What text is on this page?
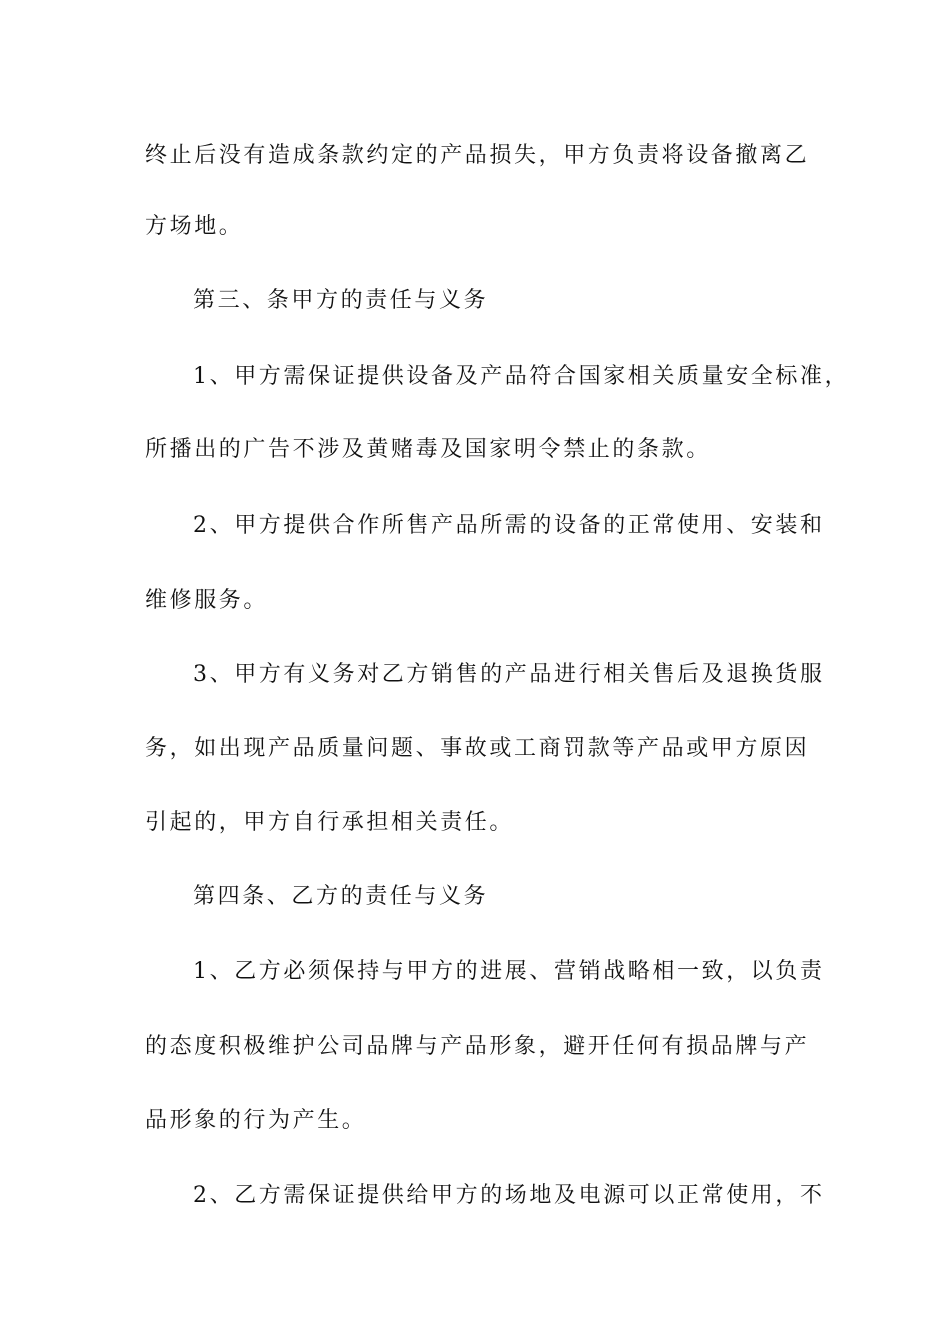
终止后没有造成条款约定的产品损失，甲方负责将设备撤离乙
方场地。
第三、条甲方的责任与义务
1、甲方需保证提供设备及产品符合国家相关质量安全标准，
所播出的广告不涉及黄赌毒及国家明令禁止的条款。
2、甲方提供合作所售产品所需的设备的正常使用、安装和
维修服务。
3、甲方有义务对乙方销售的产品进行相关售后及退换货服
务，如出现产品质量问题、事故或工商罚款等产品或甲方原因
引起的，甲方自行承担相关责任。
第四条、乙方的责任与义务
1、乙方必须保持与甲方的进展、营销战略相一致，以负责
的态度积极维护公司品牌与产品形象，避开任何有损品牌与产
品形象的行为产生。
2、乙方需保证提供给甲方的场地及电源可以正常使用，不
